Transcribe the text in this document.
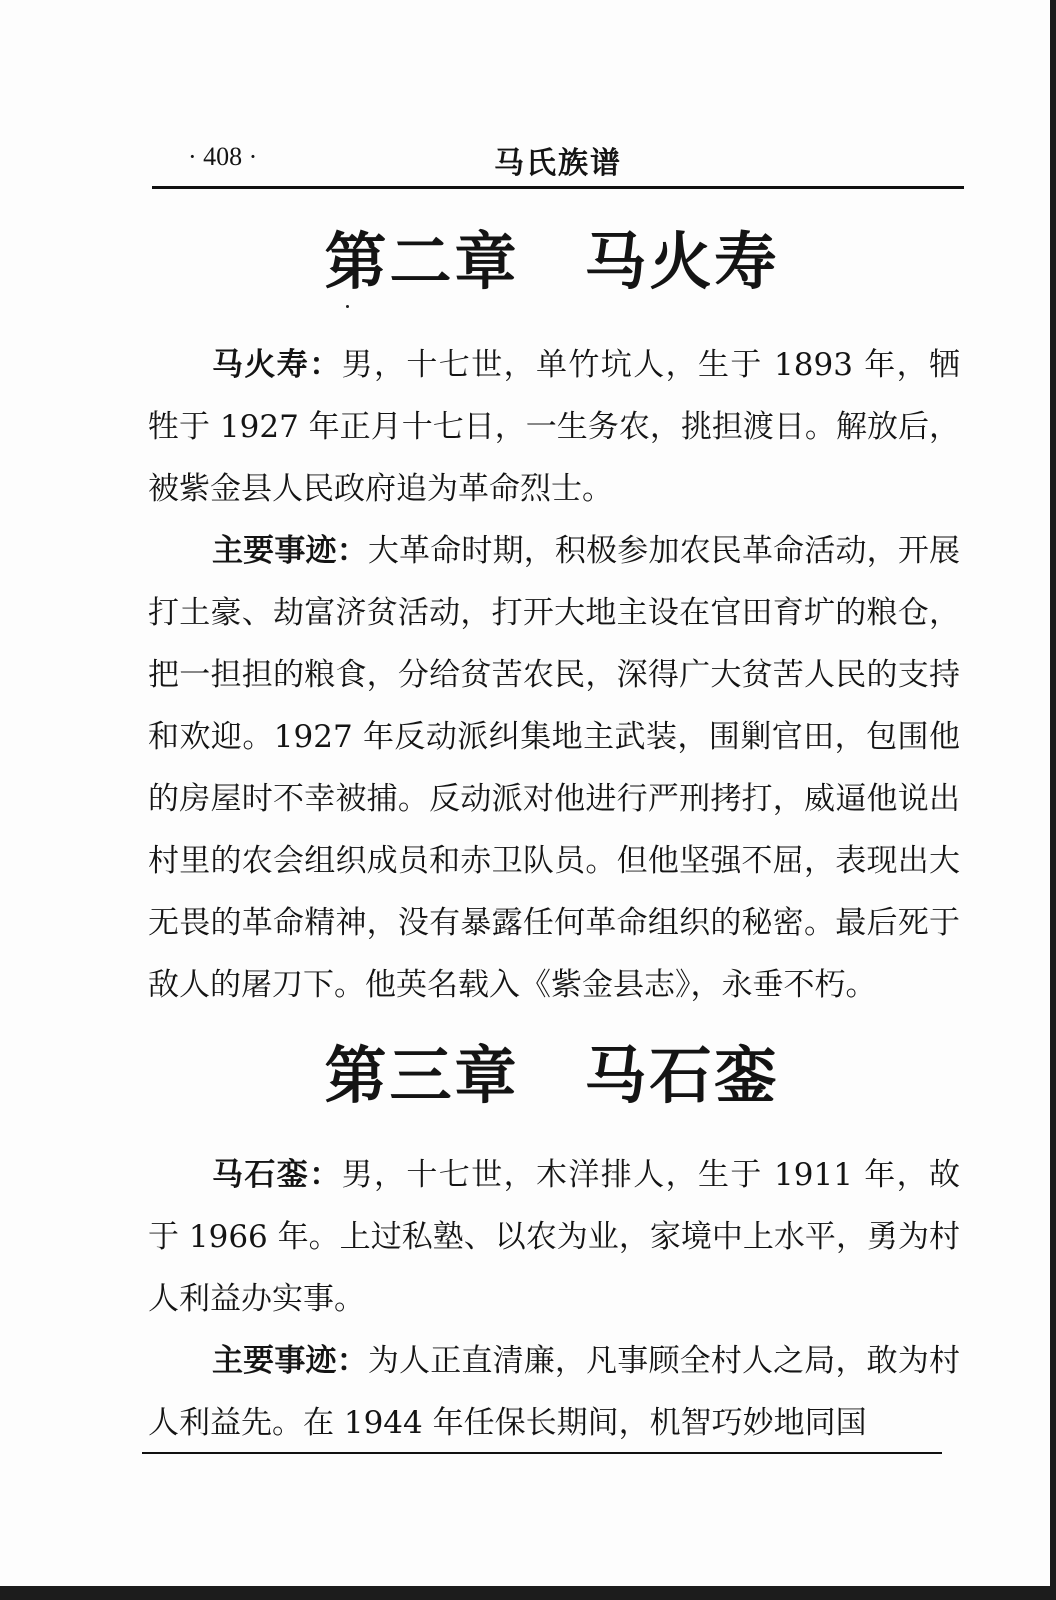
· 408 ·	马氏族谱
第二章　马火寿

马火寿：男，十七世，单竹坑人，生于 1893 年，牺牲于 1927 年正月十七日，一生务农，挑担渡日。解放后，被紫金县人民政府追为革命烈士。

主要事迹：大革命时期，积极参加农民革命活动，开展打土豪、劫富济贫活动，打开大地主设在官田育圹的粮仓，把一担担的粮食，分给贫苦农民，深得广大贫苦人民的支持和欢迎。1927 年反动派纠集地主武装，围剿官田，包围他的房屋时不幸被捕。反动派对他进行严刑拷打，威逼他说出村里的农会组织成员和赤卫队员。但他坚强不屈，表现出大无畏的革命精神，没有暴露任何革命组织的秘密。最后死于敌人的屠刀下。他英名载入《紫金县志》，永垂不朽。

第三章　马石銮

马石銮：男，十七世，木洋排人，生于 1911 年，故于 1966 年。上过私塾、以农为业，家境中上水平，勇为村人利益办实事。

主要事迹：为人正直清廉，凡事顾全村人之局，敢为村人利益先。在 1944 年任保长期间，机智巧妙地同国
